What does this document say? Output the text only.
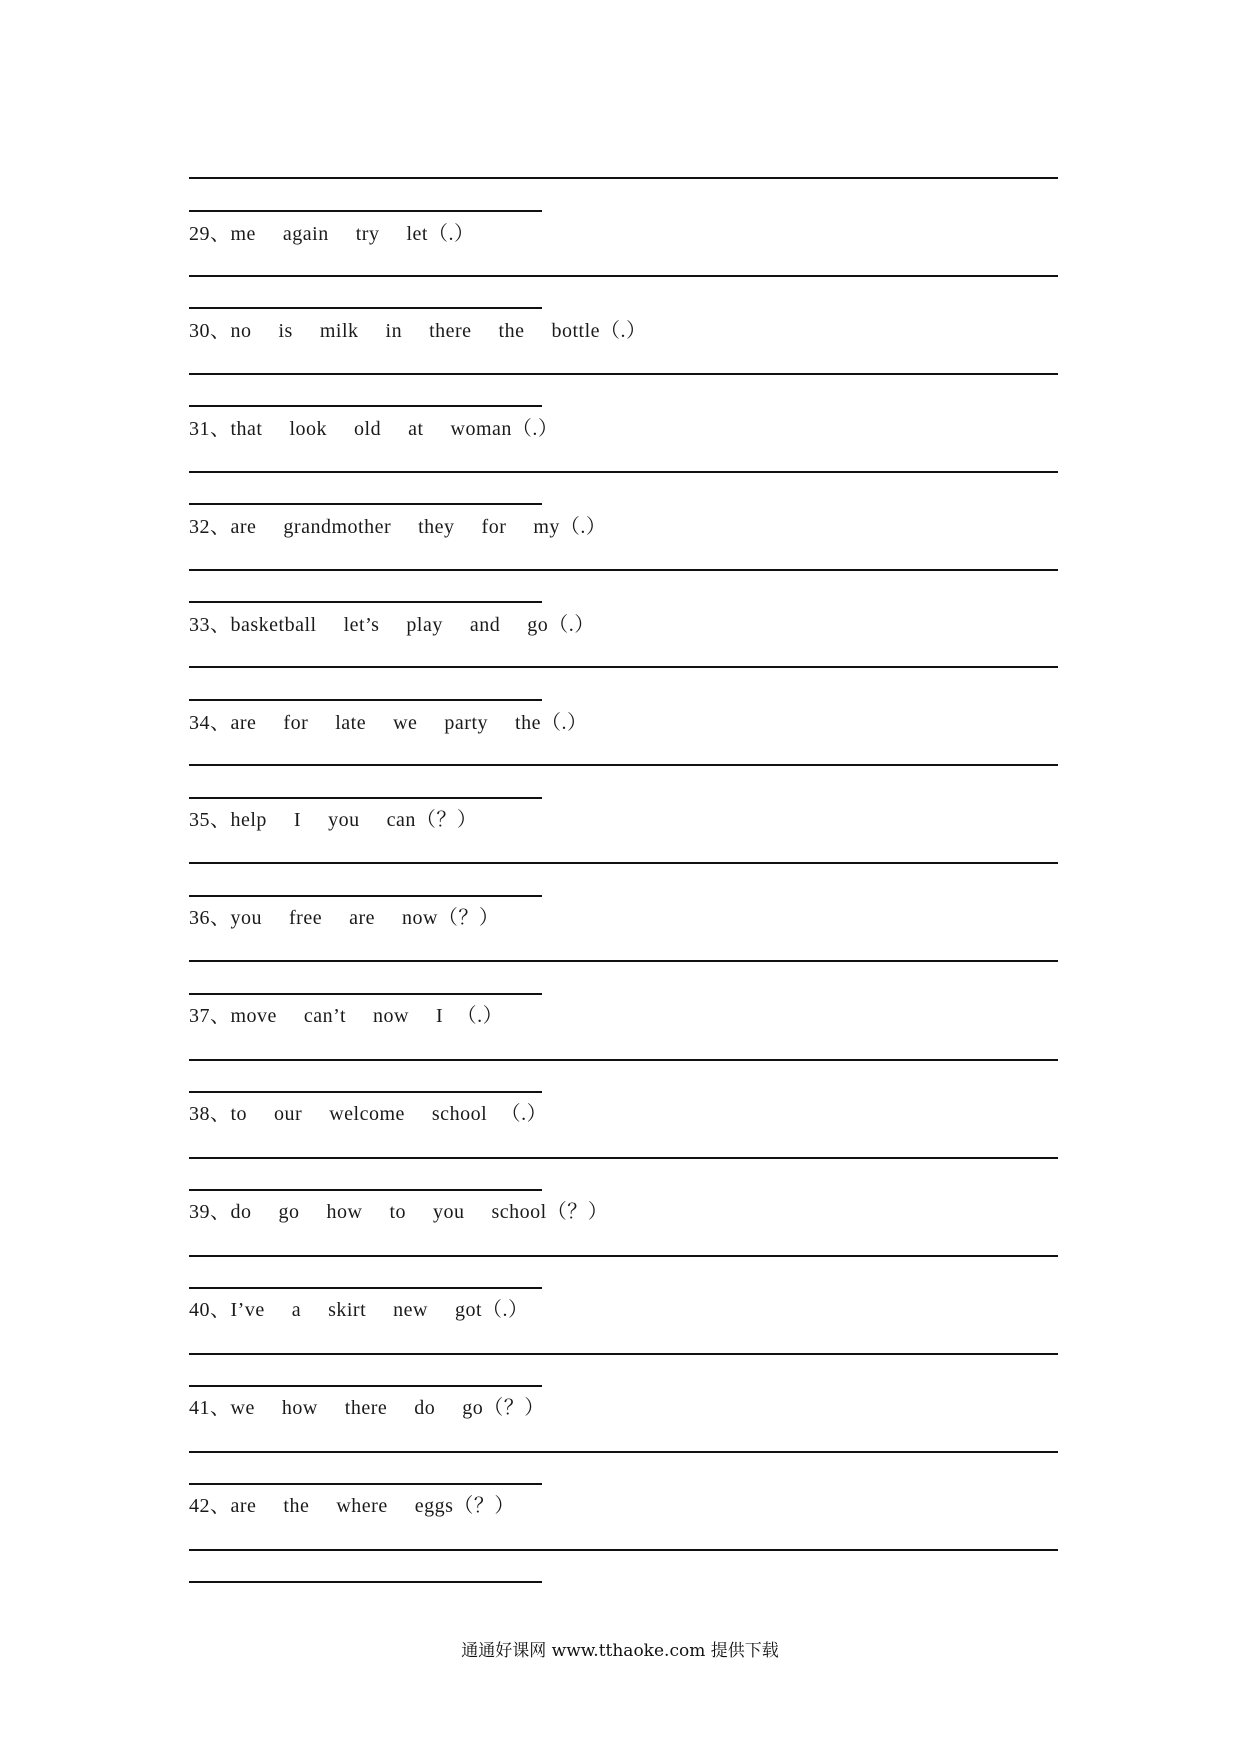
29、me  again  try  let（.）
30、no  is  milk  in  there  the  bottle（.）
31、that  look  old  at  woman（.）
32、are  grandmother  they  for  my（.）
33、basketball  let’s  play  and  go（.）
34、are  for  late  we  party  the（.）
35、help  I  you  can（？）
36、you  free  are  now（？）
37、move  can’t  now  I （.）
38、to  our  welcome  school （.）
39、do  go  how  to  you  school（？）
40、I’ve  a  skirt  new  got（.）
41、we  how  there  do  go（？）
42、are  the  where  eggs（？）
通通好课网 www.tthaoke.com 提供下载
